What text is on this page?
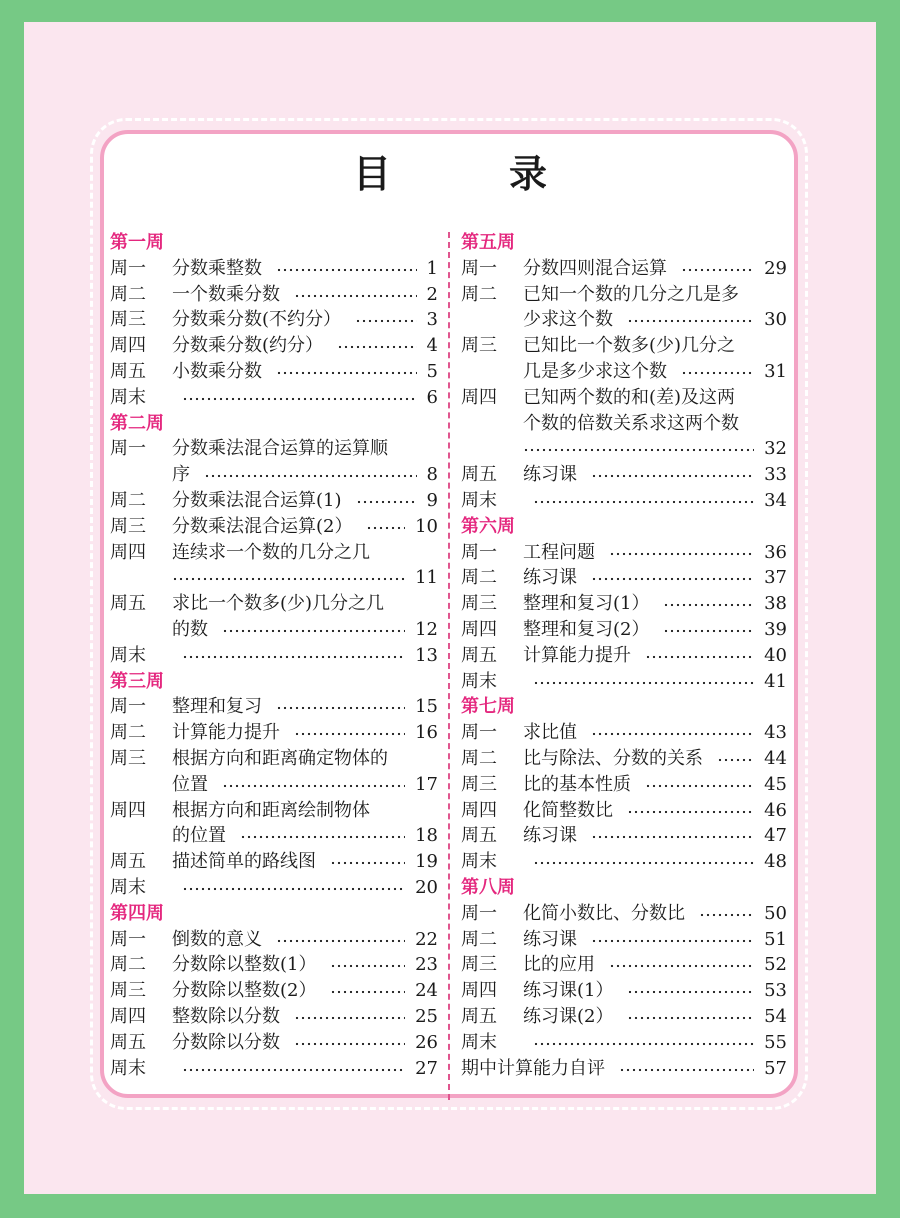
目　录
第一周
周一 分数乘整数	1
周二 一个数乘分数	2
周三 分数乘分数(不约分）	3
周四 分数乘分数(约分）	4
周五 小数乘分数	5
周末	6
第二周
周一 分数乘法混合运算的运算顺
序	8
周二 分数乘法混合运算(1)	9
周三 分数乘法混合运算(2）	10
周四 连续求一个数的几分之几
11
周五 求比一个数多(少)几分之几
的数	12
周末	13
第三周
周一 整理和复习	15
周二 计算能力提升	16
周三 根据方向和距离确定物体的
位置	17
周四 根据方向和距离绘制物体
的位置	18
周五 描述简单的路线图	19
周末	20
第四周
周一 倒数的意义	22
周二 分数除以整数(1）	23
周三 分数除以整数(2）	24
周四 整数除以分数	25
周五 分数除以分数	26
周末	27
第五周
周一 分数四则混合运算	29
周二 已知一个数的几分之几是多
少求这个数	30
周三 已知比一个数多(少)几分之
几是多少求这个数	31
周四 已知两个数的和(差)及这两
个数的倍数关系求这两个数
32
周五 练习课	33
周末	34
第六周
周一 工程问题	36
周二 练习课	37
周三 整理和复习(1）	38
周四 整理和复习(2）	39
周五 计算能力提升	40
周末	41
第七周
周一 求比值	43
周二 比与除法、分数的关系	44
周三 比的基本性质	45
周四 化简整数比	46
周五 练习课	47
周末	48
第八周
周一 化简小数比、分数比	50
周二 练习课	51
周三 比的应用	52
周四 练习课(1）	53
周五 练习课(2）	54
周末	55
期中计算能力自评	57
